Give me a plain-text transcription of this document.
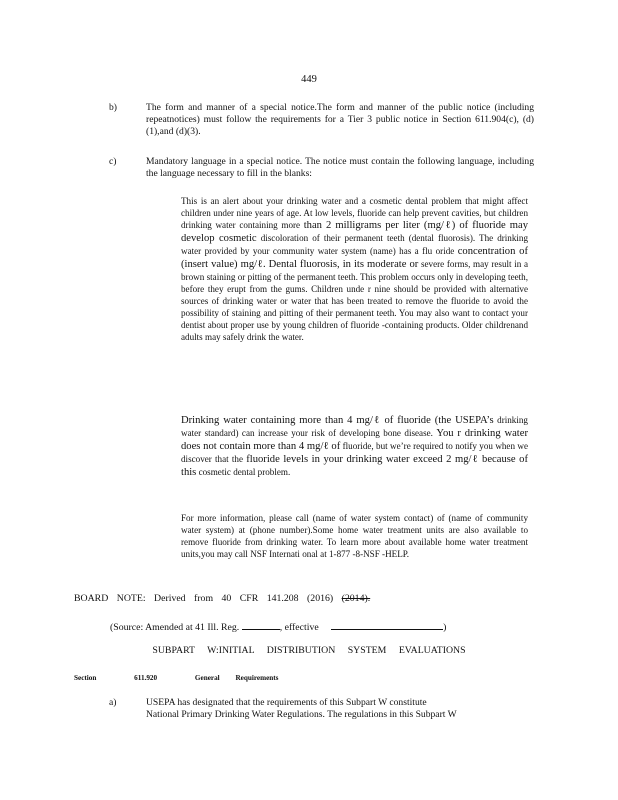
449
b)	The form and manner of a special notice.The form and manner of the public notice (including repeatnotices) must follow the requirements for a Tier 3 public notice in Section 611.904(c), (d)(1),and (d)(3).
c)	Mandatory language in a special notice. The notice must contain the following language, including the language necessary to fill in the blanks:
This is an alert about your drinking water and a cosmetic dental problem that might affect children under nine years of age. At low levels, fluoride can help prevent cavities, but children drinking water containing more than 2 milligrams per liter (mg/ℓ) of fluoride may develop cosmetic discoloration of their permanent teeth (dental fluorosis). The drinking water provided by your community water system (name) has a flu oride concentration of (insert value) mg/ℓ. Dental fluorosis, in its moderate or severe forms, may result in a brown staining or pitting of the permanent teeth. This problem occurs only in developing teeth, before they erupt from the gums. Children unde r nine should be provided with alternative sources of drinking water or water that has been treated to remove the fluoride to avoid the possibility of staining and pitting of their permanent teeth. You may also want to contact your dentist about proper use by young children of fluoride -containing products. Older childrenand adults may safely drink the water.
Drinking water containing more than 4 mg/ℓ of fluoride (the USEPA’s drinking water standard) can increase your risk of developing bone disease. You r drinking water does not contain more than 4 mg/ℓ of fluoride, but we’re required to notify you when we discover that the fluoride levels in your drinking water exceed 2 mg/ℓ because of this cosmetic dental problem.
For more information, please call (name of water system contact) of (name of community water system) at (phone number).Some home water treatment units are also available to remove fluoride from drinking water. To learn more about available home water treatment units,you may call NSF Internati onal at 1-877 -8-NSF -HELP.
BOARD NOTE: Derived from 40 CFR 141.208 (2016) (2014).
(Source: Amended at 41 Ill. Reg.	, effective	)
SUBPART W:INITIAL DISTRIBUTION SYSTEM EVALUATIONS
Section	611.920	General Requirements
a)	USEPA has designated that the requirements of this Subpart W constitute
National Primary Drinking Water Regulations. The regulations in this Subpart W
